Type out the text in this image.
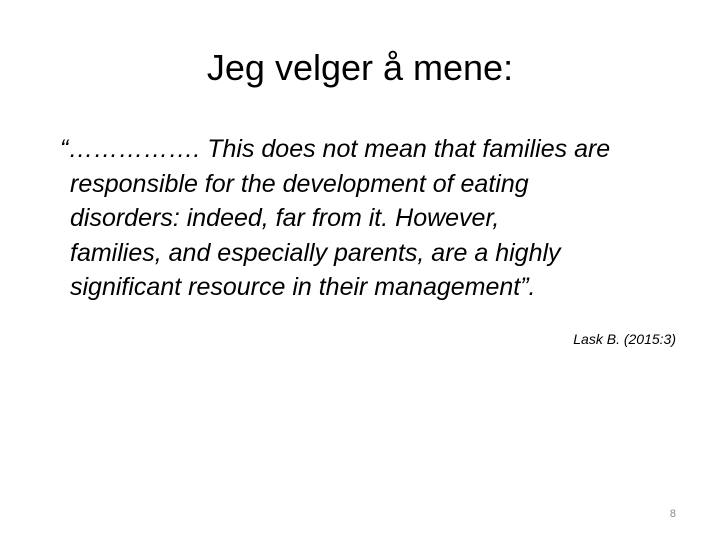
Jeg velger å mene:
“……………. This does not mean that families are
responsible for the development of eating
disorders: indeed, far from it. However,
families, and especially parents, are a highly
significant resource in their management”.
Lask B. (2015:3)
8
